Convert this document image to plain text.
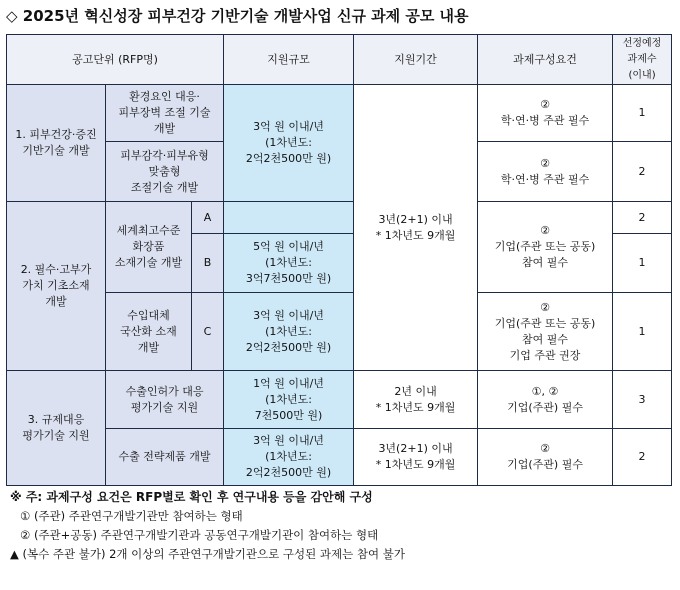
◇ 2025년 혁신성장 피부건강 기반기술 개발사업 신규 과제 공모 내용
공고단위 (RFP명)			지원규모	지원기간	과제구성요건	선정예정
과제수
(이내)

1. 피부건강·증진
기반기술 개발	환경요인 대응·
피부장벽 조절 기술
개발		3억 원 이내/년
(1차년도:
2억2천500만 원)	3년(2+1) 이내
* 1차년도 9개월	②
학·연·병 주관 필수	1

	피부감각·피부유형
맞춤형
조절기술 개발				②
학·연·병 주관 필수	2

2. 필수·고부가
가치 기초소재
개발	세계최고수준
화장품
소재기술 개발	A			②
기업(주관 또는 공동)
참여 필수	2
		B	5억 원 이내/년
(1차년도:
3억7천500만 원)			1

	수입대체
국산화 소재
개발	C	3억 원 이내/년
(1차년도:
2억2천500만 원)		②
기업(주관 또는 공동)
참여 필수
기업 주관 권장	1

3. 규제대응
평가기술 지원	수출인허가 대응
평가기술 지원		1억 원 이내/년
(1차년도:
7천500만 원)	2년 이내
* 1차년도 9개월	①, ②
기업(주관) 필수	3

	수출 전략제품 개발		3억 원 이내/년
(1차년도:
2억2천500만 원)	3년(2+1) 이내
* 1차년도 9개월	②
기업(주관) 필수	2
※ 주: 과제구성 요건은 RFP별로 확인 후 연구내용 등을 감안해 구성
① (주관) 주관연구개발기관만 참여하는 형태
② (주관+공동) 주관연구개발기관과 공동연구개발기관이 참여하는 형태
▲ (복수 주관 불가) 2개 이상의 주관연구개발기관으로 구성된 과제는 참여 불가
